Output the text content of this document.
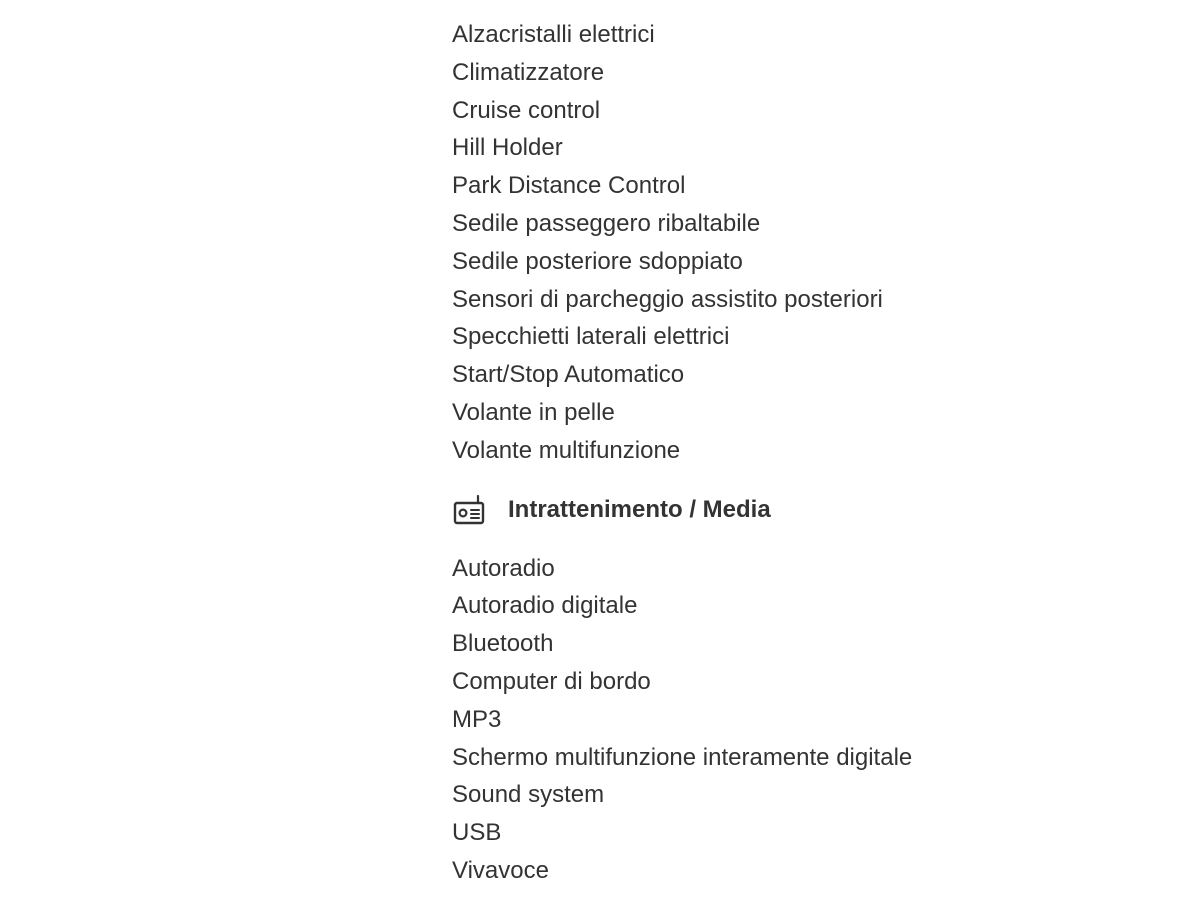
Alzacristalli elettrici
Climatizzatore
Cruise control
Hill Holder
Park Distance Control
Sedile passeggero ribaltabile
Sedile posteriore sdoppiato
Sensori di parcheggio assistito posteriori
Specchietti laterali elettrici
Start/Stop Automatico
Volante in pelle
Volante multifunzione
Intrattenimento / Media
Autoradio
Autoradio digitale
Bluetooth
Computer di bordo
MP3
Schermo multifunzione interamente digitale
Sound system
USB
Vivavoce
